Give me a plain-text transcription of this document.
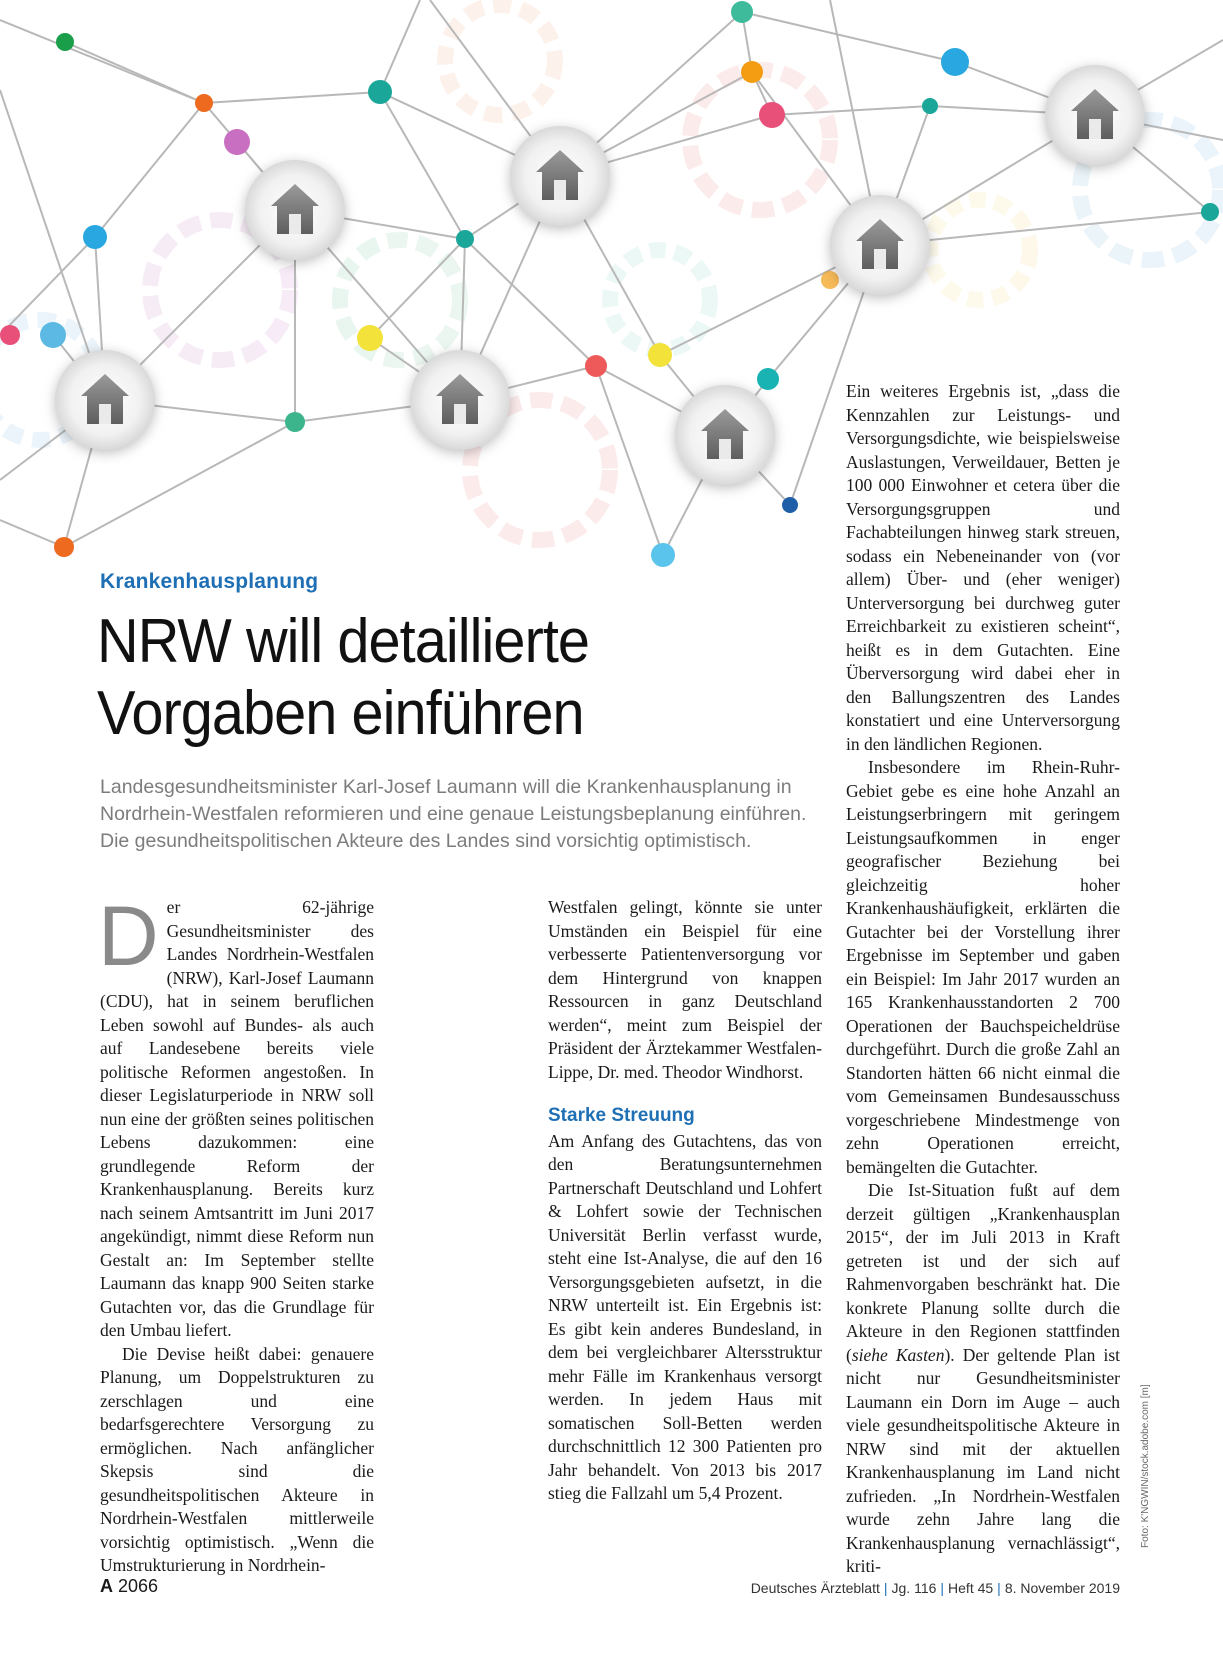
Krankenhausplanung
NRW will detaillierte
Vorgaben einführen
Landesgesundheitsminister Karl-Josef Laumann will die Krankenhausplanung in Nordrhein-Westfalen reformieren und eine genaue Leistungsbeplanung einführen. Die gesundheitspolitischen Akteure des Landes sind vorsichtig optimistisch.

Der 62-jährige Gesundheitsminister des Landes Nordrhein-Westfalen (NRW), Karl-Josef Laumann (CDU), hat in seinem beruflichen Leben sowohl auf Bundes- als auch auf Landesebene bereits viele politische Reformen angestoßen. In dieser Legislaturperiode in NRW soll nun eine der größten seines politischen Lebens dazukommen: eine grundlegende Reform der Krankenhausplanung. Bereits kurz nach seinem Amtsantritt im Juni 2017 angekündigt, nimmt diese Reform nun Gestalt an: Im September stellte Laumann das knapp 900 Seiten starke Gutachten vor, das die Grundlage für den Umbau liefert.

Die Devise heißt dabei: genauere Planung, um Doppelstrukturen zu zerschlagen und eine bedarfsgerechtere Versorgung zu ermöglichen. Nach anfänglicher Skepsis sind die gesundheitspolitischen Akteure in Nordrhein-Westfalen mittlerweile vorsichtig optimistisch. „Wenn die Umstrukturierung in Nordrhein-

Westfalen gelingt, könnte sie unter Umständen ein Beispiel für eine verbesserte Patientenversorgung vor dem Hintergrund von knappen Ressourcen in ganz Deutschland werden“, meint zum Beispiel der Präsident der Ärztekammer Westfalen-Lippe, Dr. med. Theodor Windhorst.

Starke Streuung

Am Anfang des Gutachtens, das von den Beratungsunternehmen Partnerschaft Deutschland und Lohfert & Lohfert sowie der Technischen Universität Berlin verfasst wurde, steht eine Ist-Analyse, die auf den 16 Versorgungsgebieten aufsetzt, in die NRW unterteilt ist. Ein Ergebnis ist: Es gibt kein anderes Bundesland, in dem bei vergleichbarer Altersstruktur mehr Fälle im Krankenhaus versorgt werden. In jedem Haus mit somatischen Soll-Betten werden durchschnittlich 12 300 Patienten pro Jahr behandelt. Von 2013 bis 2017 stieg die Fallzahl um 5,4 Prozent.

Ein weiteres Ergebnis ist, „dass die Kennzahlen zur Leistungs- und Versorgungsdichte, wie beispielsweise Auslastungen, Verweildauer, Betten je 100 000 Einwohner et cetera über die Versorgungsgruppen und Fachabteilungen hinweg stark streuen, sodass ein Nebeneinander von (vor allem) Über- und (eher weniger) Unterversorgung bei durchweg guter Erreichbarkeit zu existieren scheint“, heißt es in dem Gutachten. Eine Überversorgung wird dabei eher in den Ballungszentren des Landes konstatiert und eine Unterversorgung in den ländlichen Regionen.

Insbesondere im Rhein-Ruhr-Gebiet gebe es eine hohe Anzahl an Leistungserbringern mit geringem Leistungsaufkommen in enger geografischer Beziehung bei gleichzeitig hoher Krankenhaushäufigkeit, erklärten die Gutachter bei der Vorstellung ihrer Ergebnisse im September und gaben ein Beispiel: Im Jahr 2017 wurden an 165 Krankenhausstandorten 2 700 Operationen der Bauchspeicheldrüse durchgeführt. Durch die große Zahl an Standorten hätten 66 nicht einmal die vom Gemeinsamen Bundesausschuss vorgeschriebene Mindestmenge von zehn Operationen erreicht, bemängelten die Gutachter.

Die Ist-Situation fußt auf dem derzeit gültigen „Krankenhausplan 2015“, der im Juli 2013 in Kraft getreten ist und der sich auf Rahmenvorgaben beschränkt hat. Die konkrete Planung sollte durch die Akteure in den Regionen stattfinden (siehe Kasten). Der geltende Plan ist nicht nur Gesundheitsminister Laumann ein Dorn im Auge – auch viele gesundheitspolitische Akteure in NRW sind mit der aktuellen Krankenhausplanung im Land nicht zufrieden. „In Nordrhein-Westfalen wurde zehn Jahre lang die Krankenhausplanung vernachlässigt“, kriti-

Foto: K'NGWIN/stock.adobe.com [m]
A 2066	Deutsches Ärzteblatt | Jg. 116 | Heft 45 | 8. November 2019
